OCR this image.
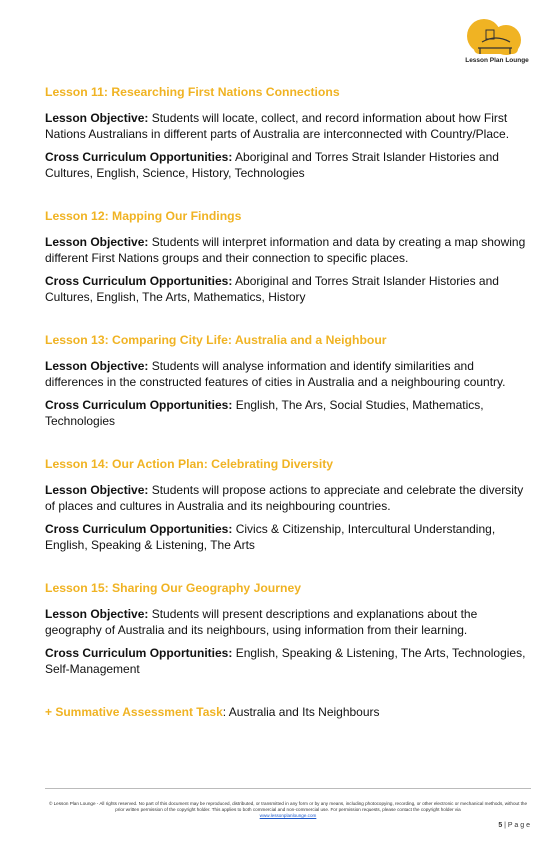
Lesson Plan Lounge
Lesson 11: Researching First Nations Connections

Lesson Objective: Students will locate, collect, and record information about how First Nations Australians in different parts of Australia are interconnected with Country/Place.

Cross Curriculum Opportunities: Aboriginal and Torres Strait Islander Histories and Cultures, English, Science, History, Technologies

Lesson 12: Mapping Our Findings

Lesson Objective: Students will interpret information and data by creating a map showing different First Nations groups and their connection to specific places.

Cross Curriculum Opportunities: Aboriginal and Torres Strait Islander Histories and Cultures, English, The Arts, Mathematics, History

Lesson 13: Comparing City Life: Australia and a Neighbour

Lesson Objective: Students will analyse information and identify similarities and differences in the constructed features of cities in Australia and a neighbouring country.

Cross Curriculum Opportunities: English, The Ars, Social Studies, Mathematics, Technologies

Lesson 14: Our Action Plan: Celebrating Diversity

Lesson Objective: Students will propose actions to appreciate and celebrate the diversity of places and cultures in Australia and its neighbouring countries.

Cross Curriculum Opportunities: Civics & Citizenship, Intercultural Understanding, English, Speaking & Listening, The Arts

Lesson 15: Sharing Our Geography Journey

Lesson Objective: Students will present descriptions and explanations about the geography of Australia and its neighbours, using information from their learning.

Cross Curriculum Opportunities: English, Speaking & Listening, The Arts, Technologies, Self-Management

+ Summative Assessment Task: Australia and Its Neighbours
© Lesson Plan Lounge - All rights reserved. No part of this document may be reproduced, distributed, or transmitted in any form or by any means, including photocopying, recording, or other electronic or mechanical methods, without the prior written permission of the copyright holder. This applies to both commercial and non-commercial use. For permission requests, please contact the copyright holder via
www.lessonplanlounge.com
5 | P a g e
